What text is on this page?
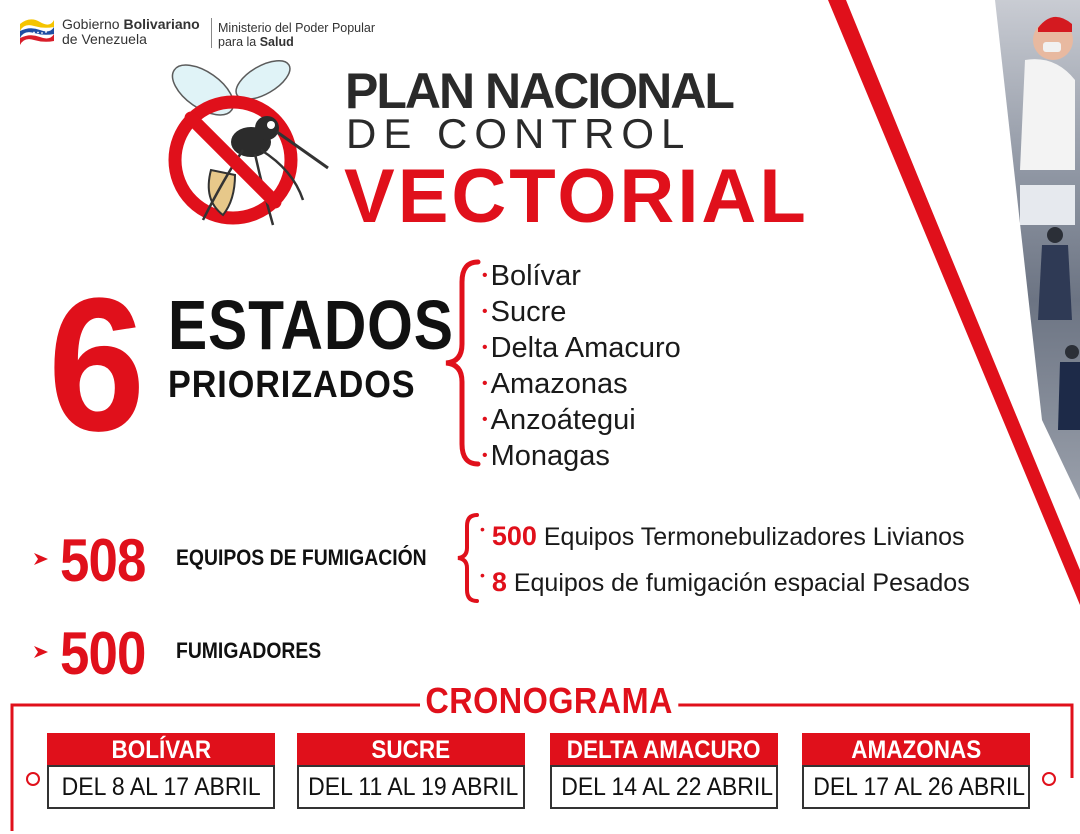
Gobierno Bolivariano
de Venezuela
Ministerio del Poder Popular
para la Salud
PLAN NACIONAL
DE CONTROL
VECTORIAL
6 ESTADOS
PRIORIZADOS
• Bolívar
• Sucre
• Delta Amacuro
• Amazonas
• Anzoátegui
• Monagas
508 EQUIPOS DE FUMIGACIÓN
• 500 Equipos Termonebulizadores Livianos
• 8 Equipos de fumigación espacial Pesados
500 FUMIGADORES
CRONOGRAMA
BOLÍVAR
DEL 8 AL 17 ABRIL
SUCRE
DEL 11 AL 19 ABRIL
DELTA AMACURO
DEL 14 AL 22 ABRIL
AMAZONAS
DEL 17 AL 26 ABRIL
